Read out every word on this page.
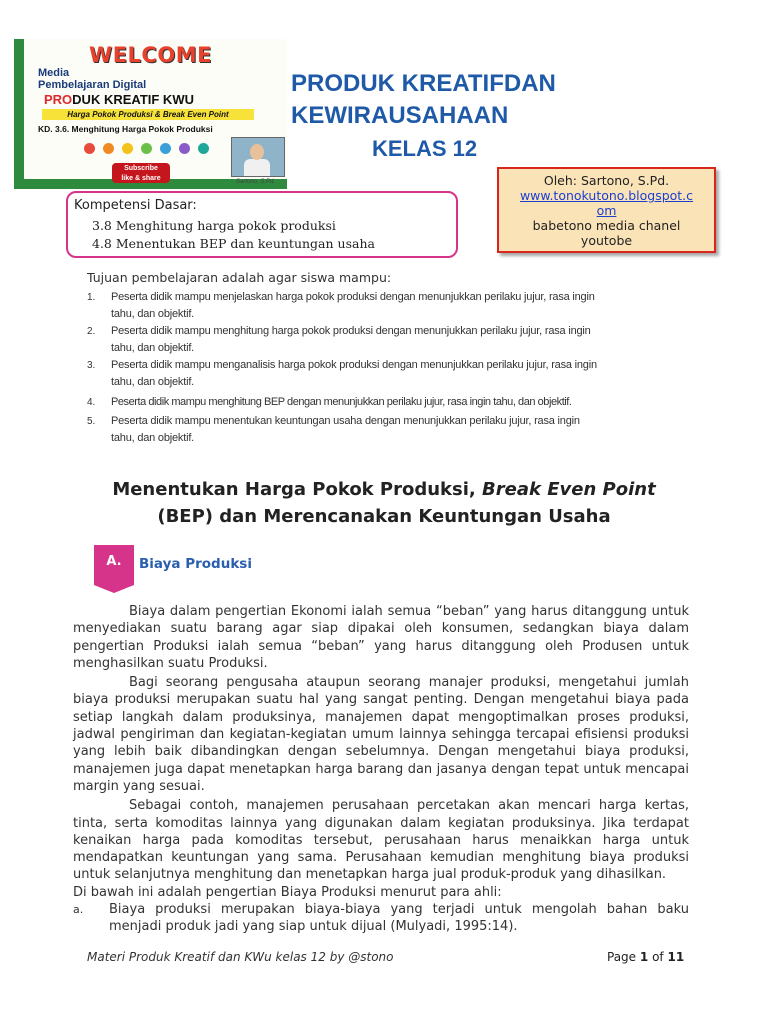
WELCOME
Media
Pembelajaran Digital
PRODUK KREATIF KWU
Harga Pokok Produksi & Break Even Point
KD. 3.6. Menghitung Harga Pokok Produksi
Subscribe
like & share	Sartono, S.Pd.
PRODUK KREATIFDAN
KEWIRAUSAHAAN
KELAS 12
Oleh: Sartono, S.Pd.
www.tonokutono.blogspot.c
om
babetono media chanel
youtobe
Kompetensi Dasar:
3.8 Menghitung harga pokok produksi
4.8 Menentukan BEP dan keuntungan usaha
Tujuan pembelajaran adalah agar siswa mampu:
1. Peserta didik mampu menjelaskan harga pokok produksi dengan menunjukkan perilaku jujur, rasa ingin
tahu, dan objektif.
2. Peserta didik mampu menghitung harga pokok produksi dengan menunjukkan perilaku jujur, rasa ingin
tahu, dan objektif.
3. Peserta didik mampu menganalisis harga pokok produksi dengan menunjukkan perilaku jujur, rasa ingin
tahu, dan objektif.
4. Peserta didik mampu menghitung BEP dengan menunjukkan perilaku jujur, rasa ingin tahu, dan objektif.
5. Peserta didik mampu menentukan keuntungan usaha dengan menunjukkan perilaku jujur, rasa ingin
tahu, dan objektif.
Menentukan Harga Pokok Produksi, Break Even Point
(BEP) dan Merencanakan Keuntungan Usaha
A.	Biaya Produksi

Biaya dalam pengertian Ekonomi ialah semua “beban” yang harus ditanggung untuk menyediakan suatu barang agar siap dipakai oleh konsumen, sedangkan biaya dalam pengertian Produksi ialah semua “beban” yang harus ditanggung oleh Produsen untuk menghasilkan suatu Produksi.

Bagi seorang pengusaha ataupun seorang manajer produksi, mengetahui jumlah biaya produksi merupakan suatu hal yang sangat penting. Dengan mengetahui biaya pada setiap langkah dalam produksinya, manajemen dapat mengoptimalkan proses produksi, jadwal pengiriman dan kegiatan-kegiatan umum lainnya sehingga tercapai efisiensi produksi yang lebih baik dibandingkan dengan sebelumnya. Dengan mengetahui biaya produksi, manajemen juga dapat menetapkan harga barang dan jasanya dengan tepat untuk mencapai margin yang sesuai.

Sebagai contoh, manajemen perusahaan percetakan akan mencari harga kertas, tinta, serta komoditas lainnya yang digunakan dalam kegiatan produksinya. Jika terdapat kenaikan harga pada komoditas tersebut, perusahaan harus menaikkan harga untuk mendapatkan keuntungan yang sama. Perusahaan kemudian menghitung biaya produksi untuk selanjutnya menghitung dan menetapkan harga jual produk-produk yang dihasilkan.

Di bawah ini adalah pengertian Biaya Produksi menurut para ahli:

a. Biaya produksi merupakan biaya-biaya yang terjadi untuk mengolah bahan baku menjadi produk jadi yang siap untuk dijual (Mulyadi, 1995:14).
Materi Produk Kreatif dan KWu kelas 12 by @stono	Page 1 of 11
